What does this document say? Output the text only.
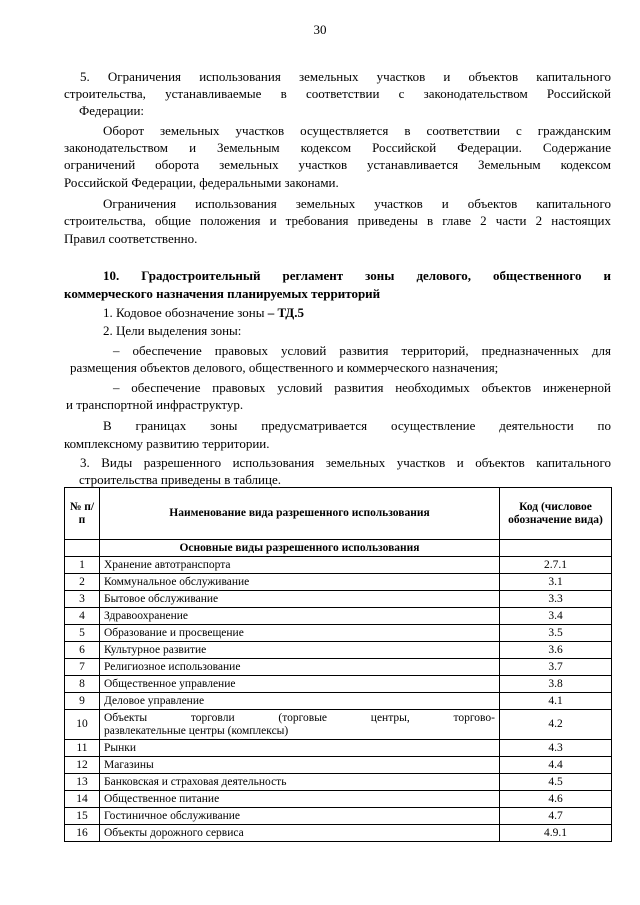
30

5. Ограничения использования земельных участков и объектов капитального

строительства, устанавливаемые в соответствии с законодательством Российской

Федерации:

Оборот земельных участков осуществляется в соответствии с гражданским

законодательством и Земельным кодексом Российской Федерации. Содержание

ограничений оборота земельных участков устанавливается Земельным кодексом

Российской Федерации, федеральными законами.

Ограничения использования земельных участков и объектов капитального

строительства, общие положения и требования приведены в главе 2 части 2 настоящих

Правил соответственно.

10. Градостроительный регламент зоны делового, общественного и

коммерческого назначения планируемых территорий

1. Кодовое обозначение зоны – ТД.5

2. Цели выделения зоны:

– обеспечение правовых условий развития территорий, предназначенных для

размещения объектов делового, общественного и коммерческого назначения;

– обеспечение правовых условий развития необходимых объектов инженерной

и транспортной инфраструктур.

В границах зоны предусматривается осуществление деятельности по

комплексному развитию территории.

3. Виды разрешенного использования земельных участков и объектов капитального

строительства приведены в таблице.

№ п/ п	Наименование вида разрешенного использования	Код (числовое обозначение вида)
	Основные виды разрешенного использования	
1	Хранение автотранспорта	2.7.1
2	Коммунальное обслуживание	3.1
3	Бытовое обслуживание	3.3
4	Здравоохранение	3.4
5	Образование и просвещение	3.5
6	Культурное развитие	3.6
7	Религиозное использование	3.7
8	Общественное управление	3.8
9	Деловое управление	4.1
10	Объекты торговли (торговые центры, торгово-
развлекательные центры (комплексы)	4.2
11	Рынки	4.3
12	Магазины	4.4
13	Банковская и страховая деятельность	4.5
14	Общественное питание	4.6
15	Гостиничное обслуживание	4.7
16	Объекты дорожного сервиса	4.9.1
